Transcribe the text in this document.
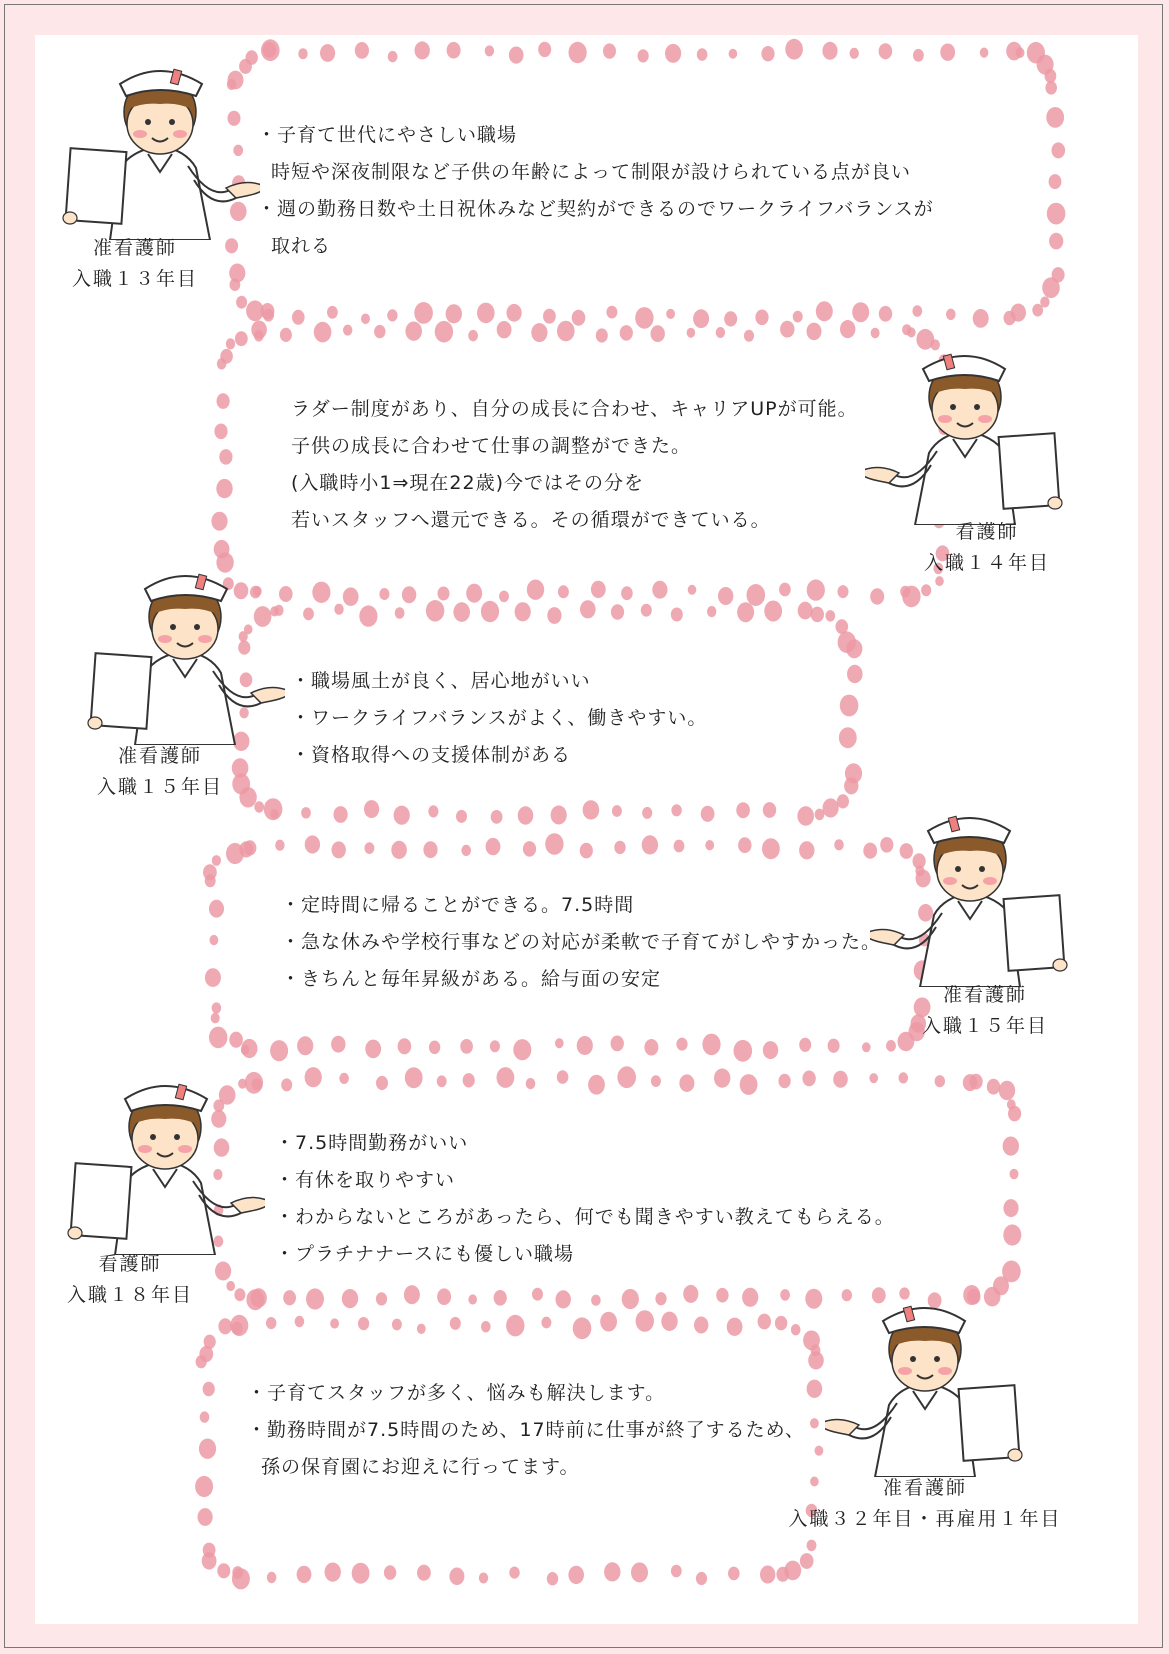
・子育て世代にやさしい職場
時短や深夜制限など子供の年齢によって制限が設けられている点が良い
・週の勤務日数や土日祝休みなど契約ができるのでワークライフバランスが
取れる
准看護師
入職１３年目
ラダー制度があり、自分の成長に合わせ、キャリアUPが可能。
子供の成長に合わせて仕事の調整ができた。
(入職時小1⇒現在22歳)今ではその分を
若いスタッフへ還元できる。その循環ができている。
看護師
入職１４年目
・職場風土が良く、居心地がいい
・ワークライフバランスがよく、働きやすい。
・資格取得への支援体制がある
准看護師
入職１５年目
・定時間に帰ることができる。7.5時間
・急な休みや学校行事などの対応が柔軟で子育てがしやすかった。
・きちんと毎年昇級がある。給与面の安定
准看護師
入職１５年目
・7.5時間勤務がいい
・有休を取りやすい
・わからないところがあったら、何でも聞きやすい教えてもらえる。
・プラチナナースにも優しい職場
看護師
入職１８年目
・子育てスタッフが多く、悩みも解決します。
・勤務時間が7.5時間のため、17時前に仕事が終了するため、
孫の保育園にお迎えに行ってます。
准看護師
入職３２年目・再雇用１年目
